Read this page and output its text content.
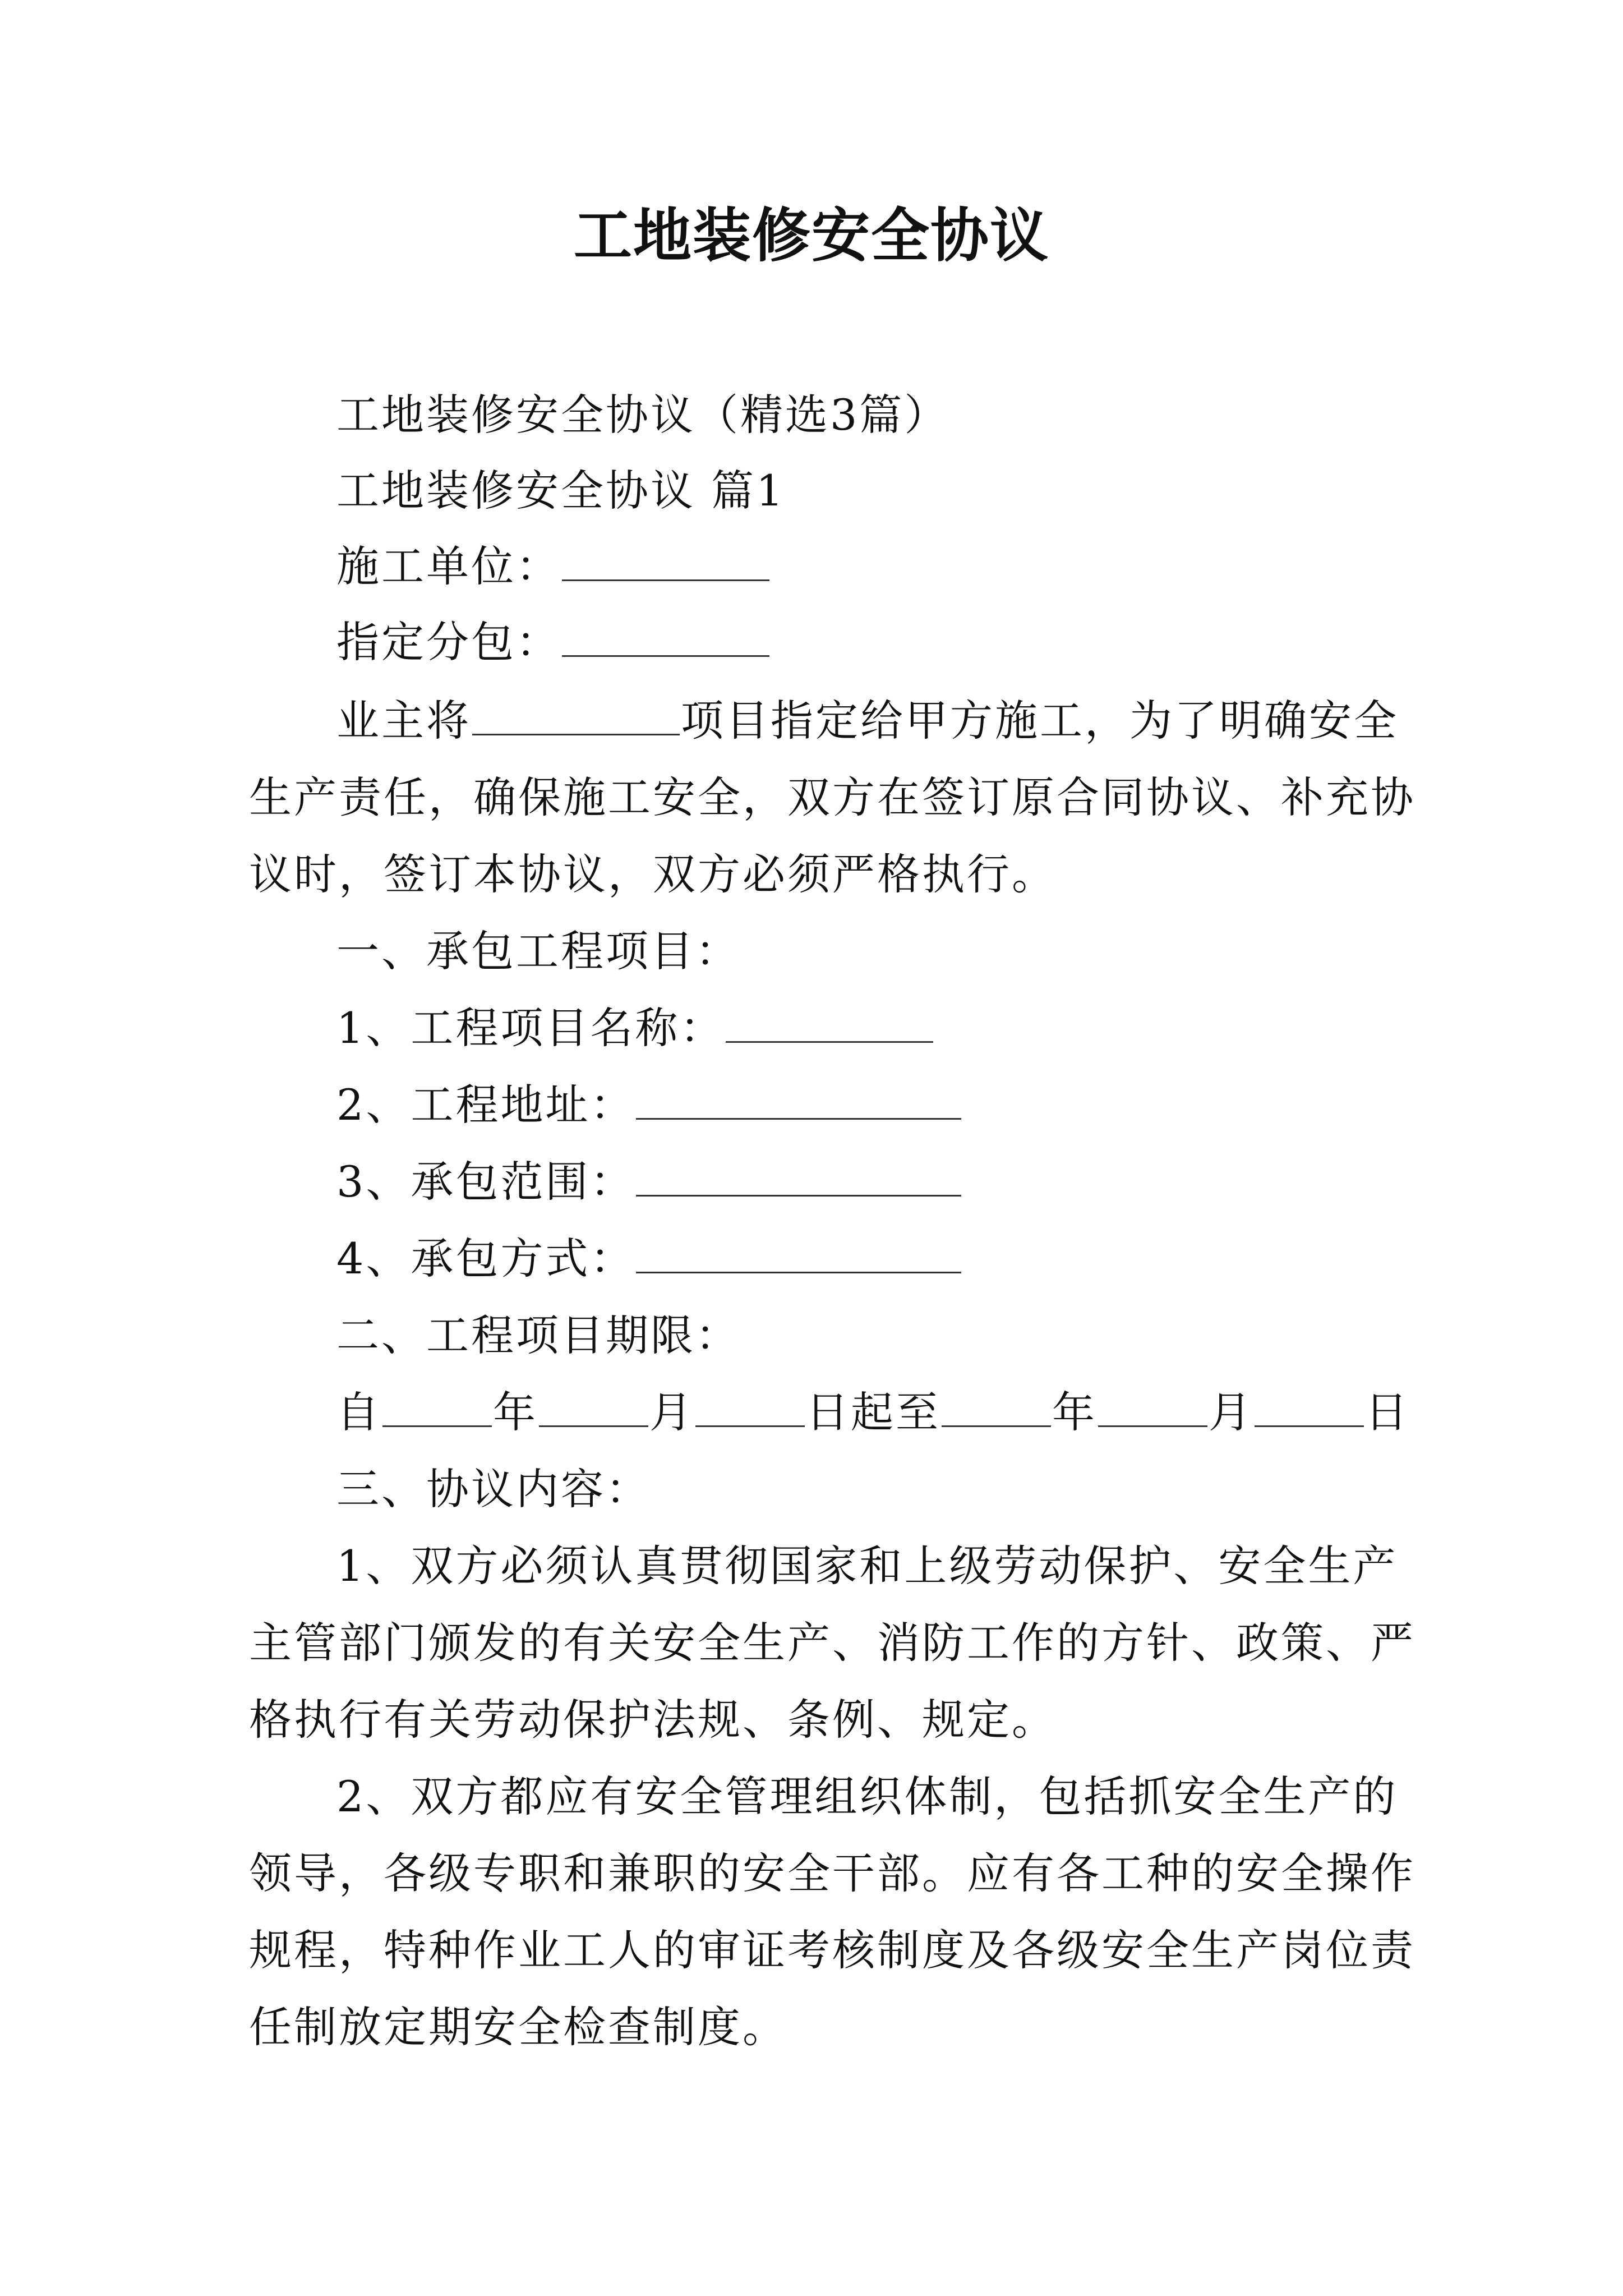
工地装修安全协议

工地装修安全协议（精选3篇）

工地装修安全协议 篇1

施工单位：

指定分包：

业主将	项目指定给甲方施工，为了明确安全

生产责任，确保施工安全，双方在签订原合同协议、补充协

议时，签订本协议，双方必须严格执行。

一、承包工程项目：

1、工程项目名称：

2、工程地址：

3、承包范围：

4、承包方式：

二、工程项目期限：

自	年	月	日起至	年	月	日

三、协议内容：

1、双方必须认真贯彻国家和上级劳动保护、安全生产

主管部门颁发的有关安全生产、消防工作的方针、政策、严

格执行有关劳动保护法规、条例、规定。

2、双方都应有安全管理组织体制，包括抓安全生产的

领导，各级专职和兼职的安全干部。应有各工种的安全操作

规程，特种作业工人的审证考核制度及各级安全生产岗位责

任制放定期安全检查制度。
